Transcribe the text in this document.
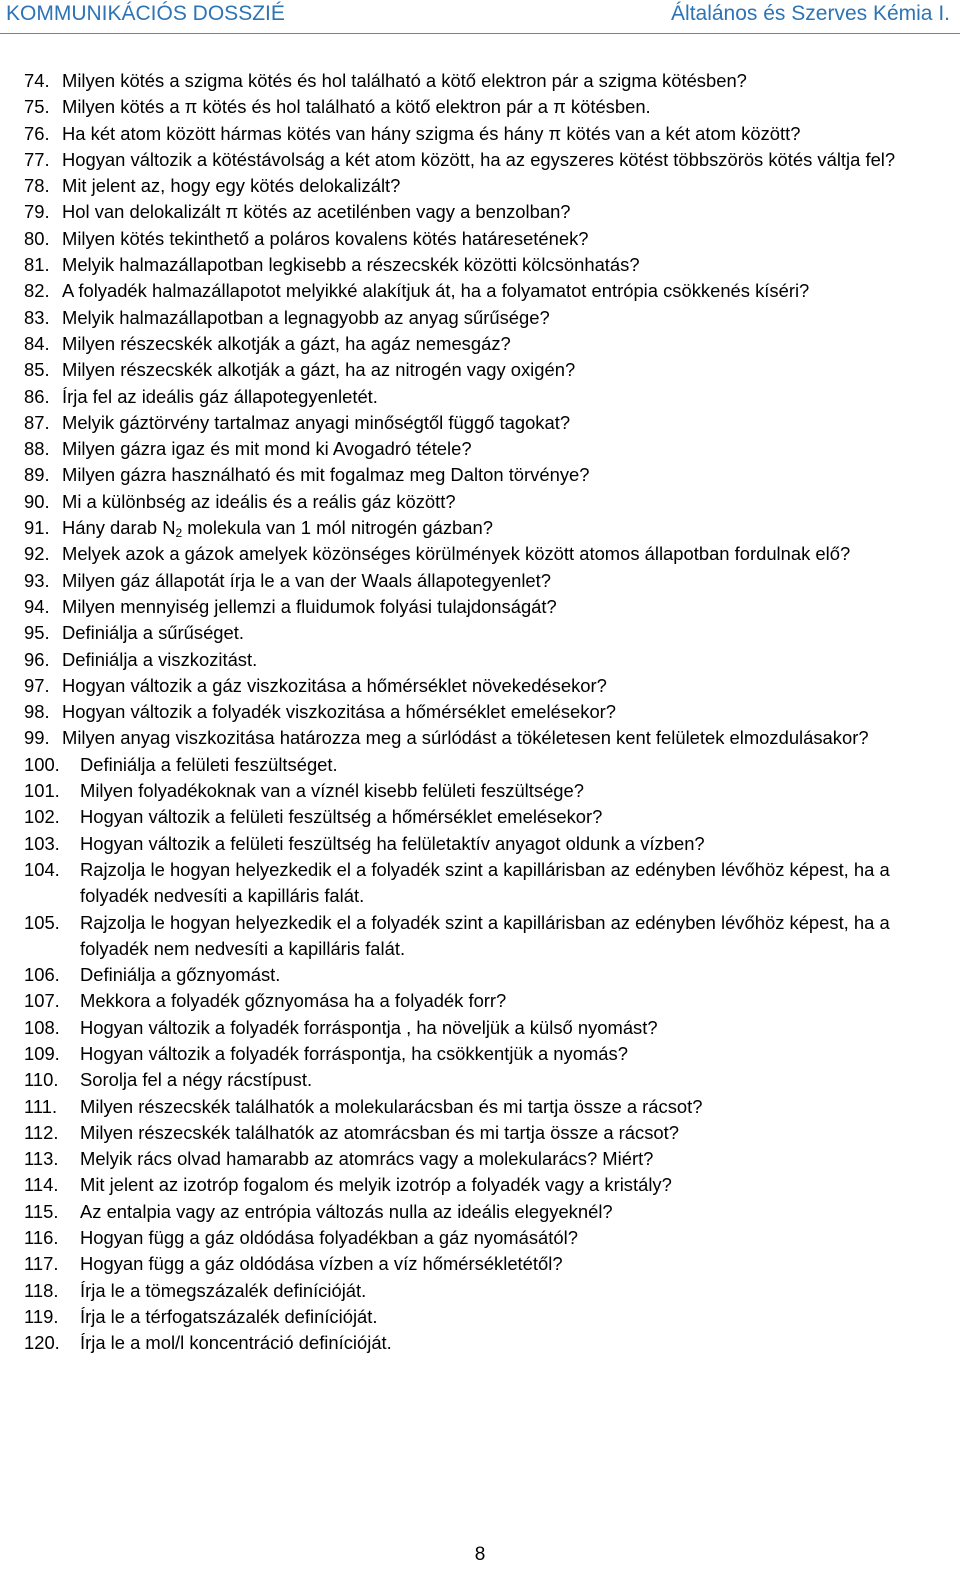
KOMMUNIKÁCIÓS DOSSZIÉ	Általános és Szerves Kémia I.
74. Milyen kötés a szigma kötés és hol található a kötő elektron pár a szigma kötésben?
75. Milyen kötés a π kötés és hol található a kötő elektron pár a π kötésben.
76. Ha két atom között hármas kötés van hány szigma és hány π kötés van a két atom között?
77. Hogyan változik a kötéstávolság a két atom között, ha az egyszeres kötést többszörös kötés váltja fel?
78. Mit jelent az, hogy egy kötés delokalizált?
79. Hol van delokalizált π kötés az acetilénben vagy a benzolban?
80. Milyen kötés tekinthető a poláros kovalens kötés határesetének?
81. Melyik halmazállapotban legkisebb a részecskék közötti kölcsönhatás?
82. A folyadék halmazállapotot melyikké alakítjuk át, ha a folyamatot entrópia csökkenés kíséri?
83. Melyik halmazállapotban a legnagyobb az anyag sűrűsége?
84. Milyen részecskék alkotják a gázt, ha agáz nemesgáz?
85. Milyen részecskék alkotják a gázt, ha az nitrogén vagy oxigén?
86. Írja fel az ideális gáz állapotegyenletét.
87. Melyik gáztörvény tartalmaz anyagi minőségtől függő tagokat?
88. Milyen gázra igaz és mit mond ki Avogadró tétele?
89. Milyen gázra használható és mit fogalmaz meg Dalton törvénye?
90. Mi a különbség az ideális és a reális gáz között?
91. Hány darab $N_2$ molekula van 1 mól nitrogén gázban?
92. Melyek azok a gázok amelyek közönséges körülmények között atomos állapotban fordulnak elő?
93. Milyen gáz állapotát írja le a van der Waals állapotegyenlet?
94. Milyen mennyiség jellemzi a fluidumok folyási tulajdonságát?
95. Definiálja a sűrűséget.
96. Definiálja a viszkozitást.
97. Hogyan változik a gáz viszkozitása a hőmérséklet növekedésekor?
98. Hogyan változik a folyadék viszkozitása a hőmérséklet emelésekor?
99. Milyen anyag viszkozitása határozza meg a súrlódást a tökéletesen kent felületek elmozdulásakor?
100. Definiálja a felületi feszültséget.
101. Milyen folyadékoknak van a víznél kisebb felületi feszültsége?
102. Hogyan változik a felületi feszültség a hőmérséklet emelésekor?
103. Hogyan változik a felületi feszültség ha felületaktív anyagot oldunk a vízben?
104. Rajzolja le hogyan helyezkedik el a folyadék szint a kapillárisban az edényben lévőhöz képest, ha a folyadék nedvesíti a kapilláris falát.
105. Rajzolja le hogyan helyezkedik el a folyadék szint a kapillárisban az edényben lévőhöz képest, ha a folyadék nem nedvesíti a kapilláris falát.
106. Definiálja a gőznyomást.
107. Mekkora a folyadék gőznyomása ha a folyadék forr?
108. Hogyan változik a folyadék forráspontja , ha növeljük a külső nyomást?
109. Hogyan változik a folyadék forráspontja, ha csökkentjük a nyomás?
110. Sorolja fel a négy rácstípust.
111. Milyen részecskék találhatók a molekularácsban és mi tartja össze a rácsot?
112. Milyen részecskék találhatók az atomrácsban és mi tartja össze a rácsot?
113. Melyik rács olvad hamarabb az atomrács vagy a molekularács? Miért?
114. Mit jelent az izotróp fogalom és melyik izotróp a folyadék vagy a kristály?
115. Az entalpia vagy az entrópia változás nulla az ideális elegyeknél?
116. Hogyan függ a gáz oldódása folyadékban a gáz nyomásától?
117. Hogyan függ a gáz oldódása vízben a víz hőmérsékletétől?
118. Írja le a tömegszázalék definícióját.
119. Írja le a térfogatszázalék definícióját.
120. Írja le a mol/l koncentráció definícióját.
8
